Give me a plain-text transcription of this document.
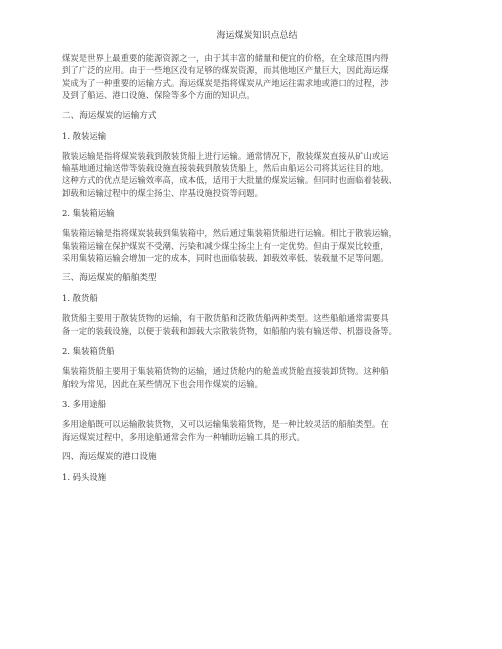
海运煤炭知识点总结
煤炭是世界上最重要的能源资源之一，由于其丰富的储量和便宜的价格，在全球范围内得
到了广泛的应用。由于一些地区没有足够的煤炭资源，而其他地区产量巨大，因此海运煤
炭成为了一种重要的运输方式。海运煤炭是指将煤炭从产地运往需求地或港口的过程，涉
及到了船运、港口设施、保险等多个方面的知识点。
二、海运煤炭的运输方式
1. 散装运输
散装运输是指将煤炭装载到散装货船上进行运输。通常情况下，散装煤炭直接从矿山或运
输基地通过输送带等装载设施直接装载到散装货船上，然后由船运公司将其运往目的地。
这种方式的优点是运输效率高，成本低，适用于大批量的煤炭运输。但同时也面临着装载、
卸载和运输过程中的煤尘扬尘、岸基设施投资等问题。
2. 集装箱运输
集装箱运输是指将煤炭装载到集装箱中，然后通过集装箱货船进行运输。相比于散装运输，
集装箱运输在保护煤炭不受潮、污染和减少煤尘扬尘上有一定优势。但由于煤炭比较重，
采用集装箱运输会增加一定的成本，同时也面临装载、卸载效率低、装载量不足等问题。
三、海运煤炭的船舶类型
1. 散货船
散货船主要用于散装货物的运输，有干散货船和泛散货船两种类型。这些船舶通常需要具
备一定的装载设施，以便于装载和卸载大宗散装货物，如船舶内装有输送带、机器设备等。
2. 集装箱货船
集装箱货船主要用于集装箱货物的运输，通过货舱内的舱盖或货舱直接装卸货物。这种船
舶较为常见，因此在某些情况下也会用作煤炭的运输。
3. 多用途船
多用途船既可以运输散装货物，又可以运输集装箱货物，是一种比较灵活的船舶类型。在
海运煤炭过程中，多用途船通常会作为一种辅助运输工具的形式。
四、海运煤炭的港口设施
1. 码头设施
